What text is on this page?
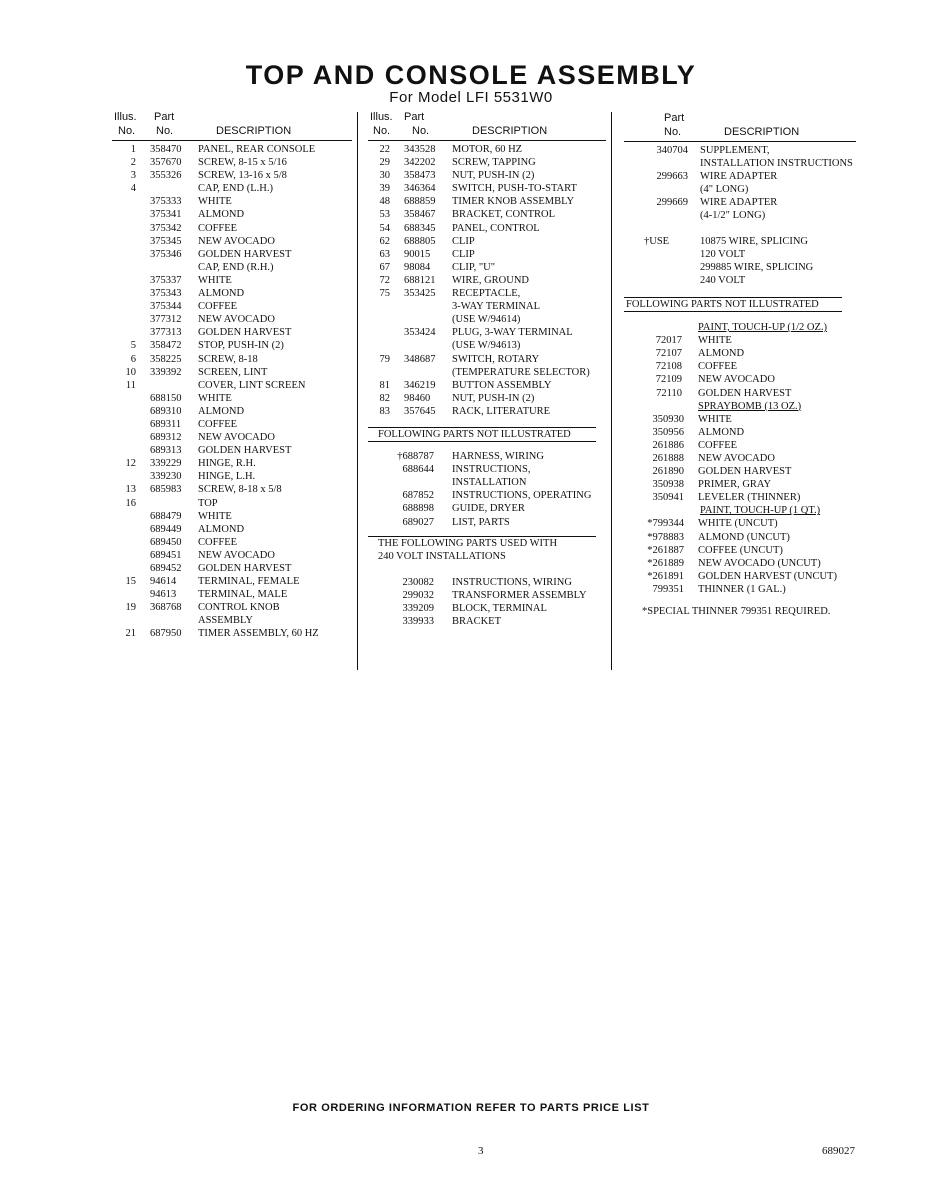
TOP AND CONSOLE ASSEMBLY
For Model LFI 5531W0
Illus. Part
No. No.	DESCRIPTION
1 358470 PANEL, REAR CONSOLE
2 357670 SCREW, 8-15 x 5/16
3 355326 SCREW, 13-16 x 5/8
4	CAP, END (L.H.)
375333 WHITE
375341 ALMOND
375342 COFFEE
375345 NEW AVOCADO
375346 GOLDEN HARVEST
CAP, END (R.H.)
375337 WHITE
375343 ALMOND
375344 COFFEE
377312 NEW AVOCADO
377313 GOLDEN HARVEST
5 358472 STOP, PUSH-IN (2)
6 358225 SCREW, 8-18
10 339392 SCREEN, LINT
11	COVER, LINT SCREEN
688150 WHITE
689310 ALMOND
689311 COFFEE
689312 NEW AVOCADO
689313 GOLDEN HARVEST
12 339229 HINGE, R.H.
339230 HINGE, L.H.
13 685983 SCREW, 8-18 x 5/8
16	TOP
688479 WHITE
689449 ALMOND
689450 COFFEE
689451 NEW AVOCADO
689452 GOLDEN HARVEST
15 94614 TERMINAL, FEMALE
94613 TERMINAL, MALE
19 368768 CONTROL KNOB
ASSEMBLY
21 687950 TIMER ASSEMBLY, 60 HZ
Illus. Part
No. No.	DESCRIPTION
22 343528 MOTOR, 60 HZ
29 342202 SCREW, TAPPING
30 358473 NUT, PUSH-IN (2)
39 346364 SWITCH, PUSH-TO-START
48 688859 TIMER KNOB ASSEMBLY
53 358467 BRACKET, CONTROL
54 688345 PANEL, CONTROL
62 688805 CLIP
63 90015 CLIP
67 98084 CLIP, "U"
72 688121 WIRE, GROUND
75 353425 RECEPTACLE,
3-WAY TERMINAL
(USE W/94614)
353424 PLUG, 3-WAY TERMINAL
(USE W/94613)
79 348687 SWITCH, ROTARY
(TEMPERATURE SELECTOR)
81 346219 BUTTON ASSEMBLY
82 98460 NUT, PUSH-IN (2)
83 357645 RACK, LITERATURE
FOLLOWING PARTS NOT ILLUSTRATED
†688787 HARNESS, WIRING
688644 INSTRUCTIONS,
INSTALLATION
687852 INSTRUCTIONS, OPERATING
688898 GUIDE, DRYER
689027 LIST, PARTS
THE FOLLOWING PARTS USED WITH
240 VOLT INSTALLATIONS
230082 INSTRUCTIONS, WIRING
299032 TRANSFORMER ASSEMBLY
339209 BLOCK, TERMINAL
339933 BRACKET
Part
No.	DESCRIPTION
340704 SUPPLEMENT,
INSTALLATION INSTRUCTIONS
299663 WIRE ADAPTER
(4" LONG)
299669 WIRE ADAPTER
(4-1/2" LONG)
†USE	10875 WIRE, SPLICING
120 VOLT
299885 WIRE, SPLICING
240 VOLT
FOLLOWING PARTS NOT ILLUSTRATED
PAINT, TOUCH-UP (1/2 OZ.)
72017 WHITE
72107 ALMOND
72108 COFFEE
72109 NEW AVOCADO
72110 GOLDEN HARVEST
SPRAYBOMB (13 OZ.)
350930 WHITE
350956 ALMOND
261886 COFFEE
261888 NEW AVOCADO
261890 GOLDEN HARVEST
350938 PRIMER, GRAY
350941 LEVELER (THINNER)
PAINT, TOUCH-UP (1 QT.)
*799344 WHITE (UNCUT)
*978883 ALMOND (UNCUT)
*261887 COFFEE (UNCUT)
*261889 NEW AVOCADO (UNCUT)
*261891 GOLDEN HARVEST (UNCUT)
799351 THINNER (1 GAL.)
*SPECIAL THINNER 799351 REQUIRED.
FOR ORDERING INFORMATION REFER TO PARTS PRICE LIST
3	689027
